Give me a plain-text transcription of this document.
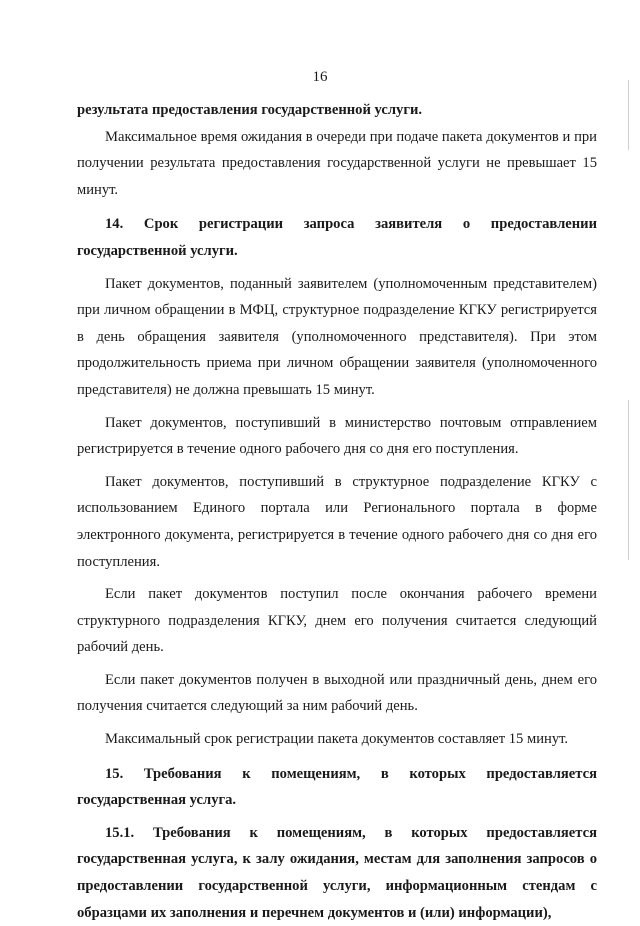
16

результата предоставления государственной услуги.

Максимальное время ожидания в очереди при подаче пакета документов и при получении результата предоставления государственной услуги не превышает 15 минут.

14. Срок регистрации запроса заявителя о предоставлении государственной услуги.

Пакет документов, поданный заявителем (уполномоченным представителем) при личном обращении в МФЦ, структурное подразделение КГКУ регистрируется в день обращения заявителя (уполномоченного представителя). При этом продолжительность приема при личном обращении заявителя (уполномоченного представителя) не должна превышать 15 минут.

Пакет документов, поступивший в министерство почтовым отправлением регистрируется в течение одного рабочего дня со дня его поступления.

Пакет документов, поступивший в структурное подразделение КГКУ с использованием Единого портала или Регионального портала в форме электронного документа, регистрируется в течение одного рабочего дня со дня его поступления.

Если пакет документов поступил после окончания рабочего времени структурного подразделения КГКУ, днем его получения считается следующий рабочий день.

Если пакет документов получен в выходной или праздничный день, днем его получения считается следующий за ним рабочий день.

Максимальный срок регистрации пакета документов составляет 15 минут.

15. Требования к помещениям, в которых предоставляется государственная услуга.

15.1. Требования к помещениям, в которых предоставляется государственная услуга, к залу ожидания, местам для заполнения запросов о предоставлении государственной услуги, информационным стендам с образцами их заполнения и перечнем документов и (или) информации),
